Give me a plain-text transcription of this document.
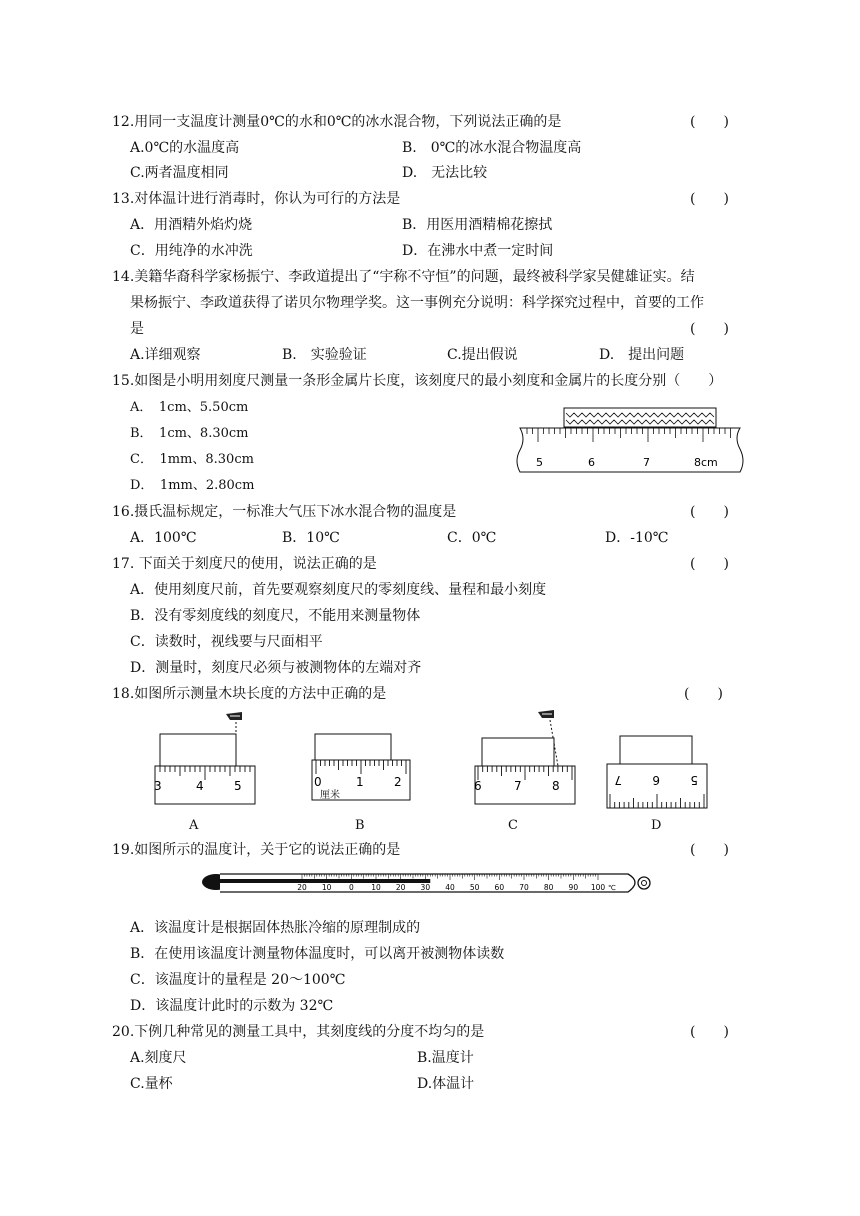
12.用同一支温度计测量0℃的水和0℃的冰水混合物，下列说法正确的是	(　　)
A.0℃的水温度高	B.　0℃的冰水混合物温度高
C.两者温度相同	D.　无法比较
13.对体温计进行消毒时，你认为可行的方法是	(　　)
A．用酒精外焰灼烧	B．用医用酒精棉花擦拭
C．用纯净的水冲洗	D．在沸水中煮一定时间
14.美籍华裔科学家杨振宁、李政道提出了“宇称不守恒”的问题，最终被科学家吴健雄证实。结
果杨振宁、李政道获得了诺贝尔物理学奖。这一事例充分说明：科学探究过程中，首要的工作
是	(　　)
A.详细观察	B.　实验验证	C.提出假说	D.　提出问题
15.如图是小明用刻度尺测量一条形金属片长度，该刻度尺的最小刻度和金属片的长度分别（　　）
A．　1cm、5.50cm
B．　1cm、8.30cm
C．　1mm、8.30cm
D．　1mm、2.80cm
5	6	7	8cm
16.摄氏温标规定，一标准大气压下冰水混合物的温度是	(　　)
A．100℃	B．10℃	C．0℃	D．-10℃
17. 下面关于刻度尺的使用，说法正确的是	(　　)
A．使用刻度尺前，首先要观察刻度尺的零刻度线、量程和最小刻度
B．没有零刻度线的刻度尺，不能用来测量物体
C．读数时，视线要与尺面相平
D．测量时，刻度尺必须与被测物体的左端对齐
18.如图所示测量木块长度的方法中正确的是	(　　)
3	4	5	0	1	2
厘米
6	7	8	7	6	5
A	B	C	D
19.如图所示的温度计，关于它的说法正确的是	(　　)
20 10 0 10 20 30 40 50 60 70 80 90 100 ℃
A．该温度计是根据固体热胀冷缩的原理制成的
B．在使用该温度计测量物体温度时，可以离开被测物体读数
C．该温度计的量程是 20～100℃
D．该温度计此时的示数为 32℃
20.下例几种常见的测量工具中，其刻度线的分度不均匀的是	(　　)
A.刻度尺	B.温度计
C.量杯	D.体温计
